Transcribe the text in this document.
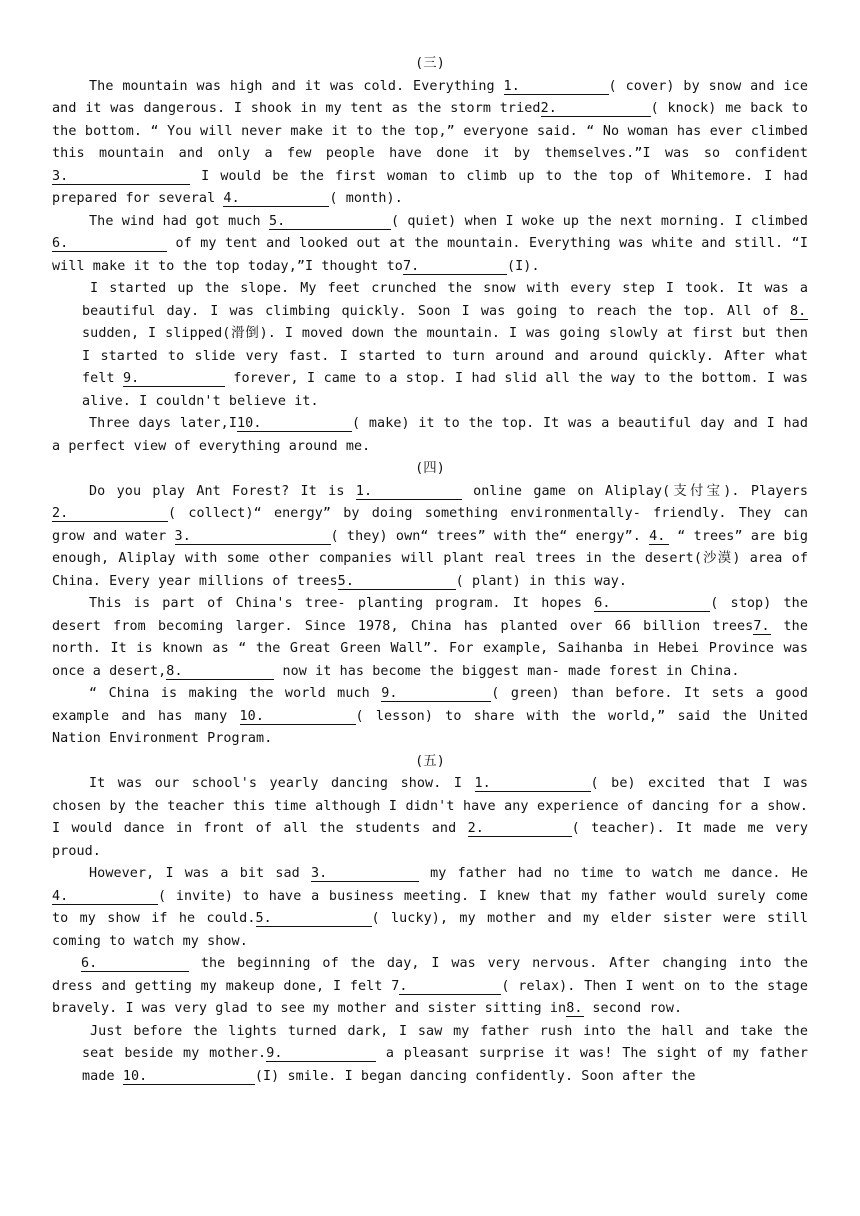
(三)

The mountain was high and it was cold. Everything 1.	( cover) by snow and ice and it was dangerous. I shook in my tent as the storm tried2.	( knock) me back to the bottom. “ You will never make it to the top,” everyone said. “ No woman has ever climbed this mountain and only a few people have done it by themselves.”I was so confident 3.	I would be the first woman to climb up to the top of Whitemore. I had prepared for several 4.	( month).

The wind had got much 5.	( quiet) when I woke up the next morning. I climbed 6.	of my tent and looked out at the mountain. Everything was white and still. “I will make it to the top today,”I thought to7.	(I).

I started up the slope. My feet crunched the snow with every step I took. It was a beautiful day. I was climbing quickly. Soon I was going to reach the top. All of 8. sudden, I slipped(滑倒). I moved down the mountain. I was going slowly at first but then I started to slide very fast. I started to turn around and around quickly. After what felt 9.	forever, I came to a stop. I had slid all the way to the bottom. I was alive. I couldn't believe it.

Three days later,I10.	( make) it to the top. It was a beautiful day and I had a perfect view of everything around me.

(四)

Do you play Ant Forest? It is 1.	online game on Aliplay(支付宝). Players 2.	( collect)“ energy” by doing something environmentally- friendly. They can grow and water 3.	( they) own“ trees” with the“ energy”. 4. “ trees” are big enough, Aliplay with some other companies will plant real trees in the desert(沙漠) area of China. Every year millions of trees5.	( plant) in this way.

This is part of China's tree- planting program. It hopes 6.	( stop) the desert from becoming larger. Since 1978, China has planted over 66 billion trees7. the north. It is known as “ the Great Green Wall”. For example, Saihanba in Hebei Province was once a desert,8.	now it has become the biggest man- made forest in China.

“ China is making the world much 9.	( green) than before. It sets a good example and has many 10.	( lesson) to share with the world,” said the United Nation Environment Program.

(五)

It was our school's yearly dancing show. I 1.	( be) excited that I was chosen by the teacher this time although I didn't have any experience of dancing for a show. I would dance in front of all the students and 2.	( teacher). It made me very proud.

However, I was a bit sad 3.	my father had no time to watch me dance. He 4.	( invite) to have a business meeting. I knew that my father would surely come to my show if he could.5.	( lucky), my mother and my elder sister were still coming to watch my show.

6.	the beginning of the day, I was very nervous. After changing into the dress and getting my makeup done, I felt 7.	( relax). Then I went on to the stage bravely. I was very glad to see my mother and sister sitting in8. second row.

Just before the lights turned dark, I saw my father rush into the hall and take the seat beside my mother.9.	a pleasant surprise it was! The sight of my father made 10.	(I) smile. I began dancing confidently. Soon after the
